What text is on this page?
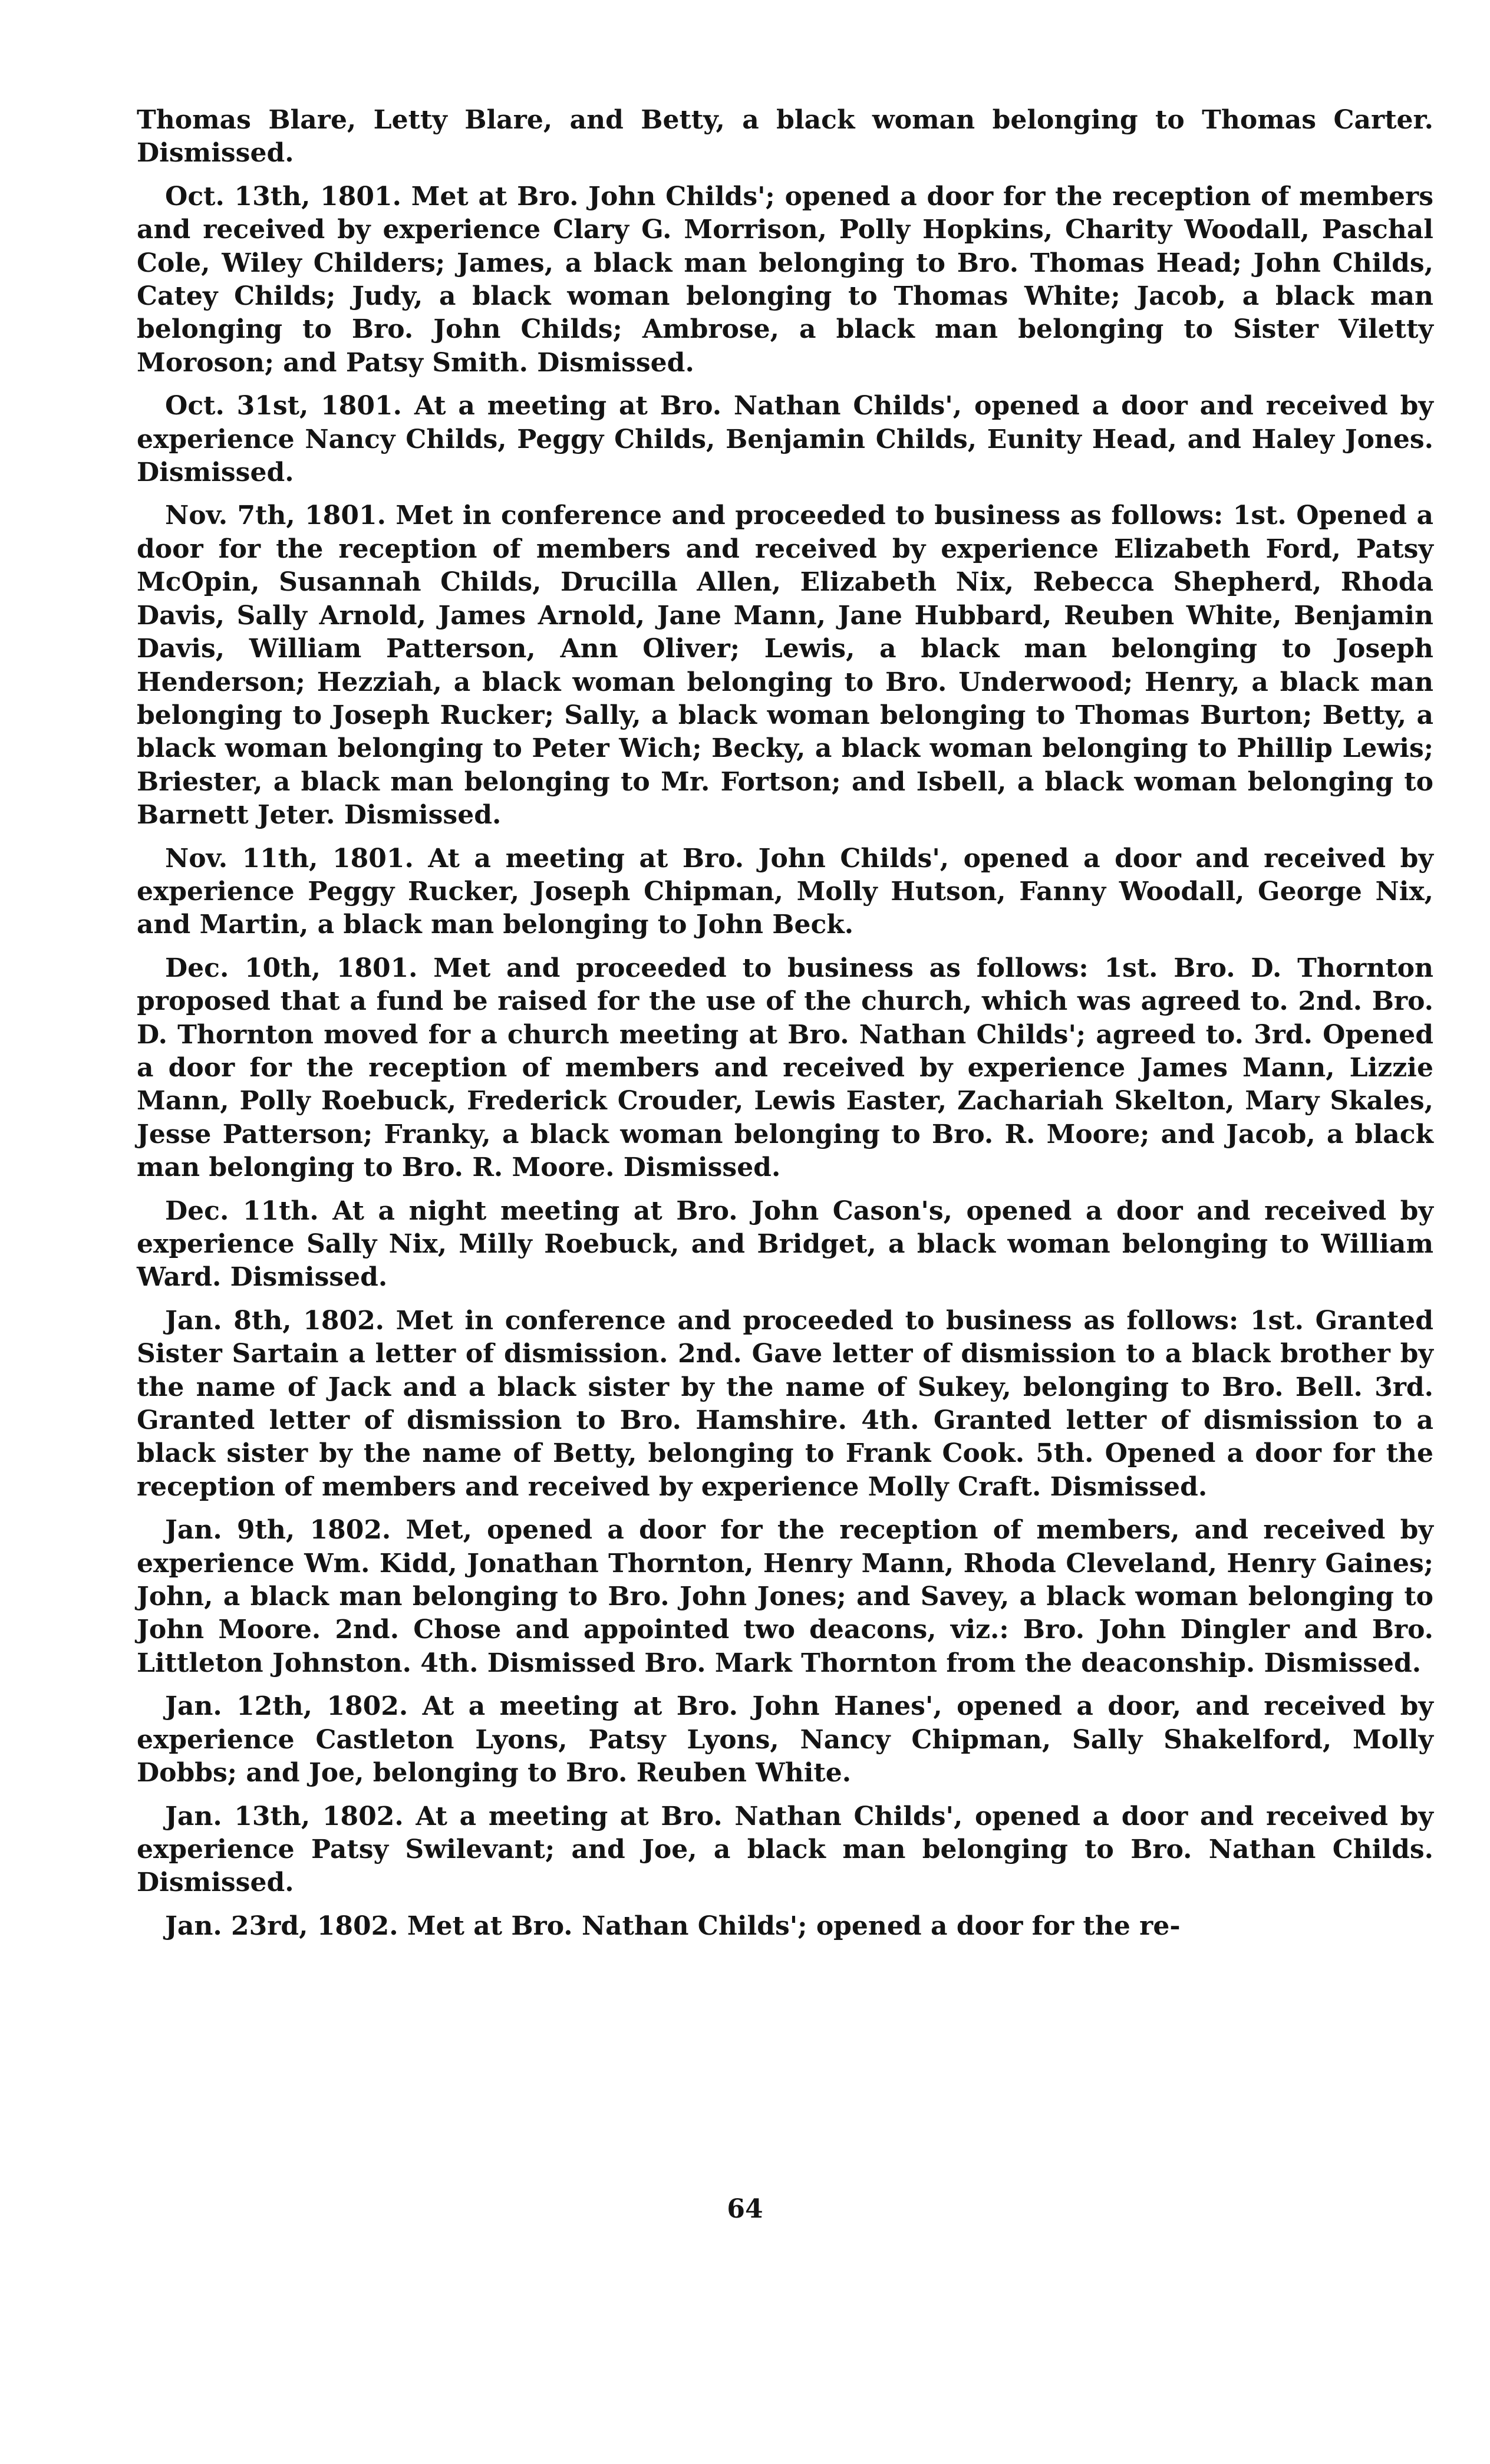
Thomas Blare, Letty Blare, and Betty, a black woman belonging to Thomas Carter. Dismissed.

Oct. 13th, 1801. Met at Bro. John Childs'; opened a door for the reception of members and received by experience Clary G. Morrison, Polly Hopkins, Charity Woodall, Paschal Cole, Wiley Childers; James, a black man belonging to Bro. Thomas Head; John Childs, Catey Childs; Judy, a black woman belonging to Thomas White; Jacob, a black man belonging to Bro. John Childs; Ambrose, a black man belonging to Sister Viletty Moroson; and Patsy Smith. Dismissed.

Oct. 31st, 1801. At a meeting at Bro. Nathan Childs', opened a door and received by experience Nancy Childs, Peggy Childs, Benjamin Childs, Eunity Head, and Haley Jones. Dismissed.

Nov. 7th, 1801. Met in conference and proceeded to business as follows: 1st. Opened a door for the reception of members and received by experience Elizabeth Ford, Patsy McOpin, Susannah Childs, Drucilla Allen, Elizabeth Nix, Rebecca Shepherd, Rhoda Davis, Sally Arnold, James Arnold, Jane Mann, Jane Hubbard, Reuben White, Benjamin Davis, William Patterson, Ann Oliver; Lewis, a black man belonging to Joseph Henderson; Hezziah, a black woman belonging to Bro. Underwood; Henry, a black man belonging to Joseph Rucker; Sally, a black woman belonging to Thomas Burton; Betty, a black woman belonging to Peter Wich; Becky, a black woman belonging to Phillip Lewis; Briester, a black man belonging to Mr. Fortson; and Isbell, a black woman belonging to Barnett Jeter. Dismissed.

Nov. 11th, 1801. At a meeting at Bro. John Childs', opened a door and received by experience Peggy Rucker, Joseph Chipman, Molly Hutson, Fanny Woodall, George Nix, and Martin, a black man belonging to John Beck.

Dec. 10th, 1801. Met and proceeded to business as follows: 1st. Bro. D. Thornton proposed that a fund be raised for the use of the church, which was agreed to. 2nd. Bro. D. Thornton moved for a church meeting at Bro. Nathan Childs'; agreed to. 3rd. Opened a door for the reception of members and received by experience James Mann, Lizzie Mann, Polly Roebuck, Frederick Crouder, Lewis Easter, Zachariah Skelton, Mary Skales, Jesse Patterson; Franky, a black woman belonging to Bro. R. Moore; and Jacob, a black man belonging to Bro. R. Moore. Dismissed.

Dec. 11th. At a night meeting at Bro. John Cason's, opened a door and received by experience Sally Nix, Milly Roebuck, and Bridget, a black woman belonging to William Ward. Dismissed.

Jan. 8th, 1802. Met in conference and proceeded to business as follows: 1st. Granted Sister Sartain a letter of dismission. 2nd. Gave letter of dismission to a black brother by the name of Jack and a black sister by the name of Sukey, belonging to Bro. Bell. 3rd. Granted letter of dismission to Bro. Hamshire. 4th. Granted letter of dismission to a black sister by the name of Betty, belonging to Frank Cook. 5th. Opened a door for the reception of members and received by experience Molly Craft. Dismissed.

Jan. 9th, 1802. Met, opened a door for the reception of members, and received by experience Wm. Kidd, Jonathan Thornton, Henry Mann, Rhoda Cleveland, Henry Gaines; John, a black man belonging to Bro. John Jones; and Savey, a black woman belonging to John Moore. 2nd. Chose and appointed two deacons, viz.: Bro. John Dingler and Bro. Littleton Johnston. 4th. Dismissed Bro. Mark Thornton from the deaconship. Dismissed.

Jan. 12th, 1802. At a meeting at Bro. John Hanes', opened a door, and received by experience Castleton Lyons, Patsy Lyons, Nancy Chipman, Sally Shakelford, Molly Dobbs; and Joe, belonging to Bro. Reuben White.

Jan. 13th, 1802. At a meeting at Bro. Nathan Childs', opened a door and received by experience Patsy Swilevant; and Joe, a black man belonging to Bro. Nathan Childs. Dismissed.

Jan. 23rd, 1802. Met at Bro. Nathan Childs'; opened a door for the re-

64
